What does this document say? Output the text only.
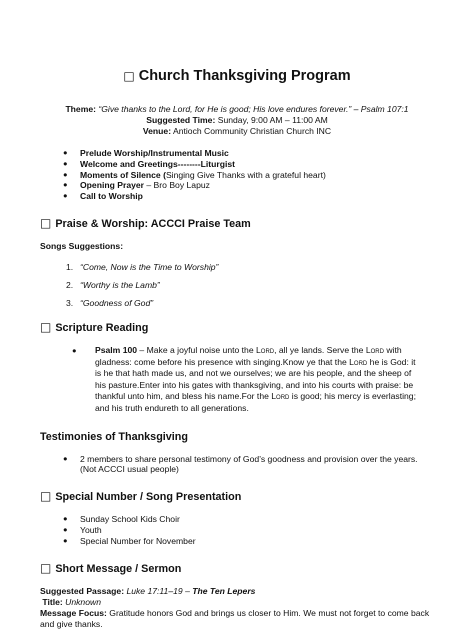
□ Church Thanksgiving Program
Theme: “Give thanks to the Lord, for He is good; His love endures forever.” – Psalm 107:1
Suggested Time: Sunday, 9:00 AM – 11:00 AM
Venue: Antioch Community Christian Church INC
● Prelude Worship/Instrumental Music
● Welcome and Greetings--------Liturgist
● Moments of Silence (Singing Give Thanks with a grateful heart)
● Opening Prayer – Bro Boy Lapuz
● Call to Worship
□ Praise & Worship: ACCCI Praise Team
Songs Suggestions:
1. “Come, Now is the Time to Worship”
2. “Worthy is the Lamb”
3. “Goodness of God”
□ Scripture Reading

● Psalm 100 – Make a joyful noise unto the Lord, all ye lands. Serve the Lord with gladness: come before his presence with singing.Know ye that the Lord he is God: it is he that hath made us, and not we ourselves; we are his people, and the sheep of his pasture.Enter into his gates with thanksgiving, and into his courts with praise: be thankful unto him, and bless his name.For the Lord is good; his mercy is everlasting; and his truth endureth to all generations.

Testimonies of Thanksgiving
● 2 members to share personal testimony of God’s goodness and provision over the years. (Not ACCCI usual people)
□ Special Number / Song Presentation
● Sunday School Kids Choir
● Youth
● Special Number for November
□ Short Message / Sermon
Suggested Passage: Luke 17:11–19 – The Ten Lepers
Title: Unknown
Message Focus: Gratitude honors God and brings us closer to Him. We must not forget to come back and give thanks.
